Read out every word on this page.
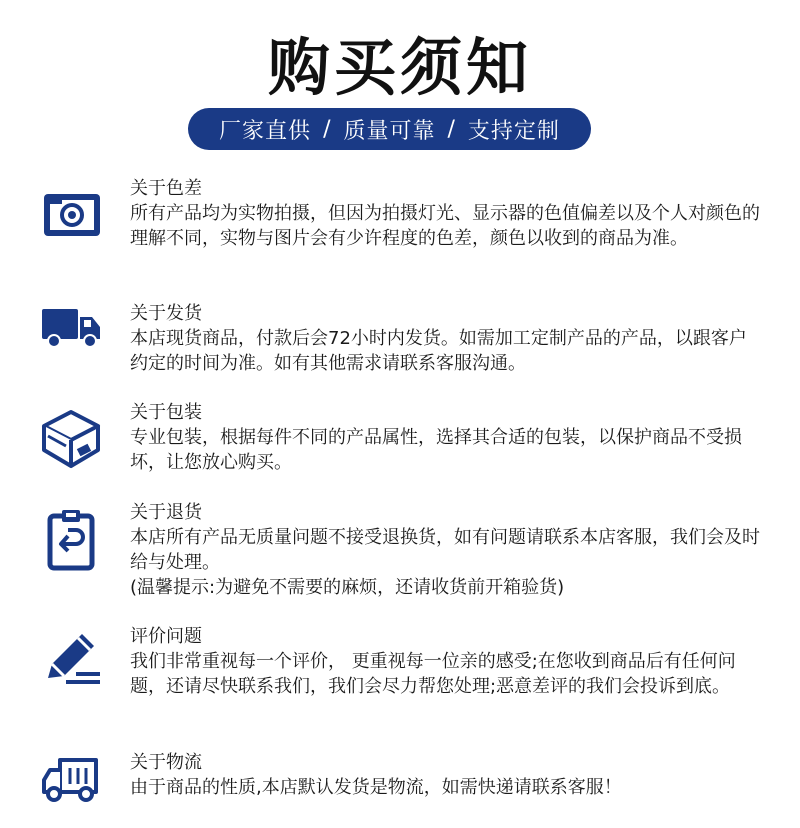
购买须知
厂家直供 / 质量可靠 / 支持定制
关于色差
所有产品均为实物拍摄，但因为拍摄灯光、显示器的色值偏差以及个人对颜色的理解不同，实物与图片会有少许程度的色差，颜色以收到的商品为准。
关于发货
本店现货商品，付款后会72小时内发货。如需加工定制产品的产品，以跟客户约定的时间为准。如有其他需求请联系客服沟通。
关于包装
专业包装，根据每件不同的产品属性，选择其合适的包装，以保护商品不受损坏，让您放心购买。
关于退货
本店所有产品无质量问题不接受退换货，如有问题请联系本店客服，我们会及时给与处理。
(温馨提示:为避免不需要的麻烦，还请收货前开箱验货)
评价问题
我们非常重视每一个评价， 更重视每一位亲的感受;在您收到商品后有任何问题，还请尽快联系我们，我们会尽力帮您处理;恶意差评的我们会投诉到底。
关于物流
由于商品的性质,本店默认发货是物流，如需快递请联系客服！
